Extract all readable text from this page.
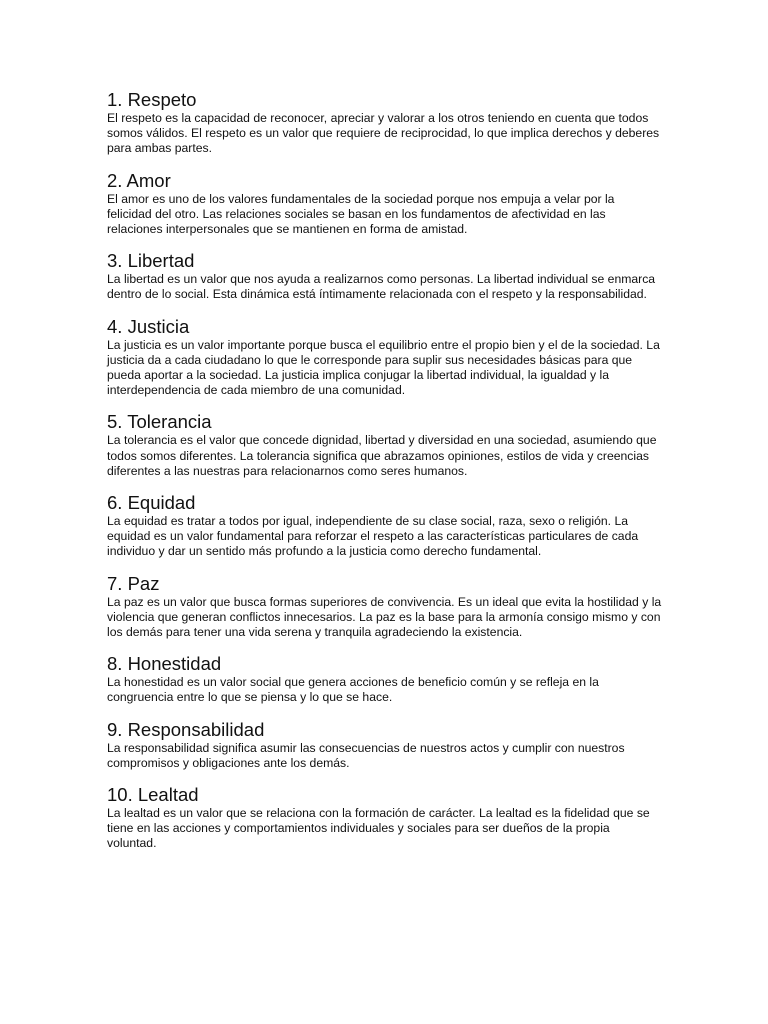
1. Respeto

El respeto es la capacidad de reconocer, apreciar y valorar a los otros teniendo en cuenta que todos somos válidos. El respeto es un valor que requiere de reciprocidad, lo que implica derechos y deberes para ambas partes.

2. Amor

El amor es uno de los valores fundamentales de la sociedad porque nos empuja a velar por la felicidad del otro. Las relaciones sociales se basan en los fundamentos de afectividad en las relaciones interpersonales que se mantienen en forma de amistad.

3. Libertad

La libertad es un valor que nos ayuda a realizarnos como personas. La libertad individual se enmarca dentro de lo social. Esta dinámica está íntimamente relacionada con el respeto y la responsabilidad.

4. Justicia

La justicia es un valor importante porque busca el equilibrio entre el propio bien y el de la sociedad. La justicia da a cada ciudadano lo que le corresponde para suplir sus necesidades básicas para que pueda aportar a la sociedad. La justicia implica conjugar la libertad individual, la igualdad y la interdependencia de cada miembro de una comunidad.

5. Tolerancia

La tolerancia es el valor que concede dignidad, libertad y diversidad en una sociedad, asumiendo que todos somos diferentes. La tolerancia significa que abrazamos opiniones, estilos de vida y creencias diferentes a las nuestras para relacionarnos como seres humanos.

6. Equidad

La equidad es tratar a todos por igual, independiente de su clase social, raza, sexo o religión. La equidad es un valor fundamental para reforzar el respeto a las características particulares de cada individuo y dar un sentido más profundo a la justicia como derecho fundamental.

7. Paz

La paz es un valor que busca formas superiores de convivencia. Es un ideal que evita la hostilidad y la violencia que generan conflictos innecesarios. La paz es la base para la armonía consigo mismo y con los demás para tener una vida serena y tranquila agradeciendo la existencia.

8. Honestidad

La honestidad es un valor social que genera acciones de beneficio común y se refleja en la congruencia entre lo que se piensa y lo que se hace.

9. Responsabilidad

La responsabilidad significa asumir las consecuencias de nuestros actos y cumplir con nuestros compromisos y obligaciones ante los demás.

10. Lealtad

La lealtad es un valor que se relaciona con la formación de carácter. La lealtad es la fidelidad que se tiene en las acciones y comportamientos individuales y sociales para ser dueños de la propia voluntad.
